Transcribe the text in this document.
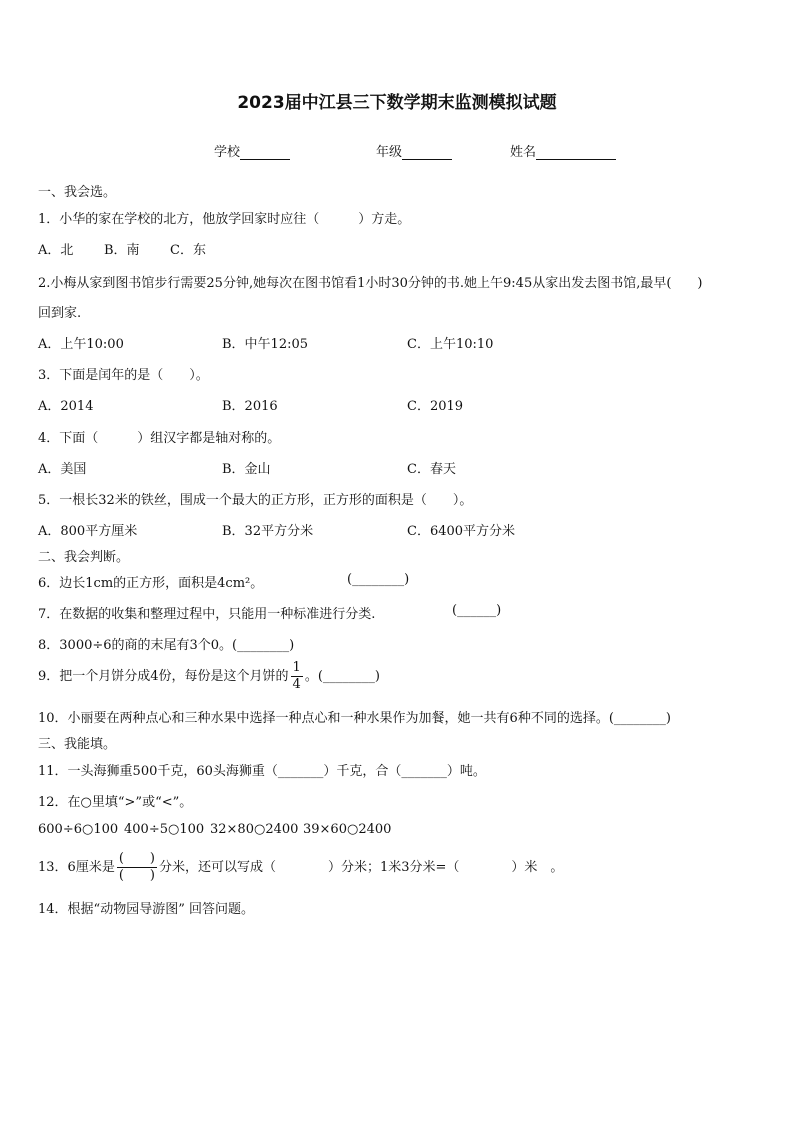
2023届中江县三下数学期末监测模拟试题
学校	年级	姓名
一、我会选。
1．小华的家在学校的北方，他放学回家时应往（　　　）方走。
A．北 B．南 C．东
2.小梅从家到图书馆步行需要25分钟,她每次在图书馆看1小时30分钟的书.她上午9:45从家出发去图书馆,最早(　　)
回到家.
A．上午10:00	B．中午12:05	C．上午10:10
3．下面是闰年的是（　　）。
A．2014	B．2016	C．2019
4．下面（　　　）组汉字都是轴对称的。
A．美国	B．金山	C．春天
5．一根长32米的铁丝，围成一个最大的正方形，正方形的面积是（　　）。
A．800平方厘米	B．32平方分米	C．6400平方分米
二、我会判断。
6．边长1cm的正方形，面积是4cm²。	(________)
7．在数据的收集和整理过程中，只能用一种标准进行分类.	(______)
8．3000÷6的商的末尾有3个0。(________)
9．把一个月饼分成4份，每份是这个月饼的 $\frac{1}{4}$ 。(________)
10．小丽要在两种点心和三种水果中选择一种点心和一种水果作为加餐，她一共有6种不同的选择。(________)
三、我能填。
11．一头海狮重500千克，60头海狮重（_______）千克，合（_______）吨。
12．在○里填“>”或“<”。
600÷6○100 400÷5○100 32×80○2400 39×60○2400
13．6厘米是 $\frac{( )}{( )}$ 分米，还可以写成（　　　　）分米；1米3分米=（　　　　）米　。
14．根据“动物园导游图” 回答问题。
